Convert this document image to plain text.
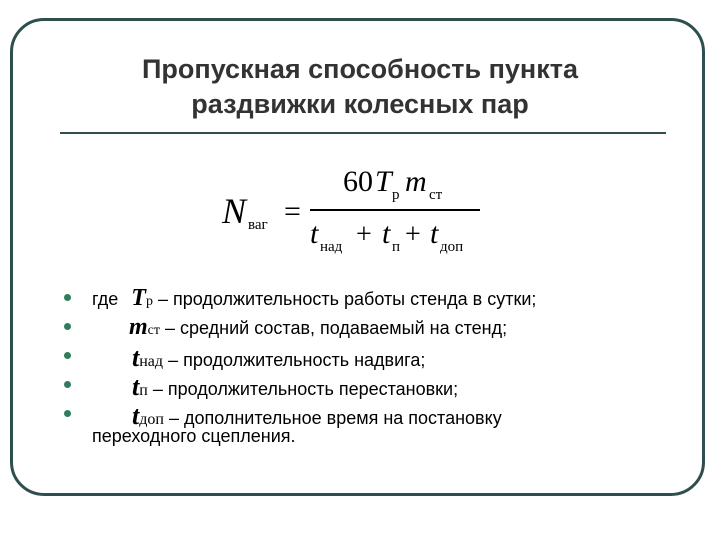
Пропускная способность пункта
раздвижки колесных пар
N ваг =
60 T р m ст
t над + t п + t доп
где Tр – продолжительность работы стенда в сутки;
mст – средний состав, подаваемый на стенд;
tнад – продолжительность надвига;
tп – продолжительность перестановки;
tдоп – дополнительное время на постановку
переходного сцепления.
